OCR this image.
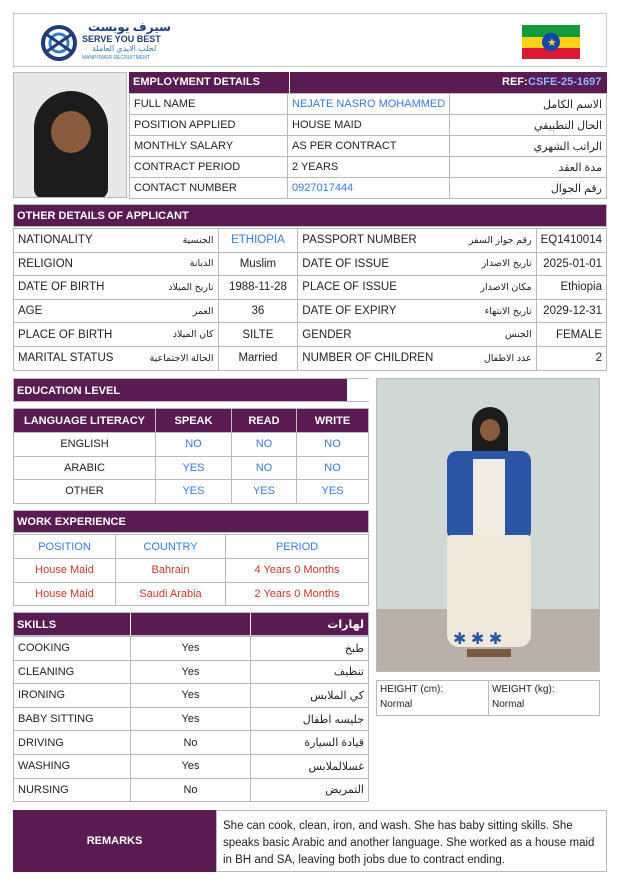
سيرف يوبست
SERVE YOU BEST
لجلب الايدي العاملة
MANPOWER RECRUITMENT
★
EMPLOYMENT DETAILS	REF: CSFE-25-1697
FULL NAME	NEJATE NASRO MOHAMMED	الاسم الكامل
POSITION APPLIED	HOUSE MAID	الحال التطبيقي
MONTHLY SALARY	AS PER CONTRACT	الراتب الشهري
CONTRACT PERIOD	2 YEARS	مدة العقد
CONTACT NUMBER	0927017444	رقم الجوال
OTHER DETAILS OF APPLICANT
NATIONALITY	الجنسية	ETHIOPIA	PASSPORT NUMBER	رقم جواز السفر	EQ1410014
RELIGION	الديانة	Muslim	DATE OF ISSUE	تاريخ الاصدار	2025-01-01
DATE OF BIRTH	تاريخ الميلاد	1988-11-28	PLACE OF ISSUE	مكان الاصدار	Ethiopia
AGE	العمر	36	DATE OF EXPIRY	تاريخ الانتهاء	2029-12-31
PLACE OF BIRTH	كان الميلاد	SILTE	GENDER	الجنس	FEMALE
MARITAL STATUS	الحالة الاجتماعية	Married	NUMBER OF CHILDREN	عدد الاطفال	2
EDUCATION LEVEL
LANGUAGE LITERACY	SPEAK	READ	WRITE
ENGLISH	NO	NO	NO
ARABIC	YES	NO	NO
OTHER	YES	YES	YES
WORK EXPERIENCE
POSITION	COUNTRY	PERIOD
House Maid	Bahrain	4 Years 0 Months
House Maid	Saudi Arabia	2 Years 0 Months
SKILLS	لهارات
COOKING	Yes	طبخ
CLEANING	Yes	تنظيف
IRONING	Yes	كي الملابس
BABY SITTING	Yes	جليسه اطفال
DRIVING	No	قيادة السيارة
WASHING	Yes	غسلالملابس
NURSING	No	التمريض
✱ ✱ ✱
HEIGHT (cm):
Normal
WEIGHT (kg):
Normal
REMARKS
She can cook, clean, iron, and wash. She has baby sitting skills. She speaks basic Arabic and another language. She worked as a house maid in BH and SA, leaving both jobs due to contract ending.
